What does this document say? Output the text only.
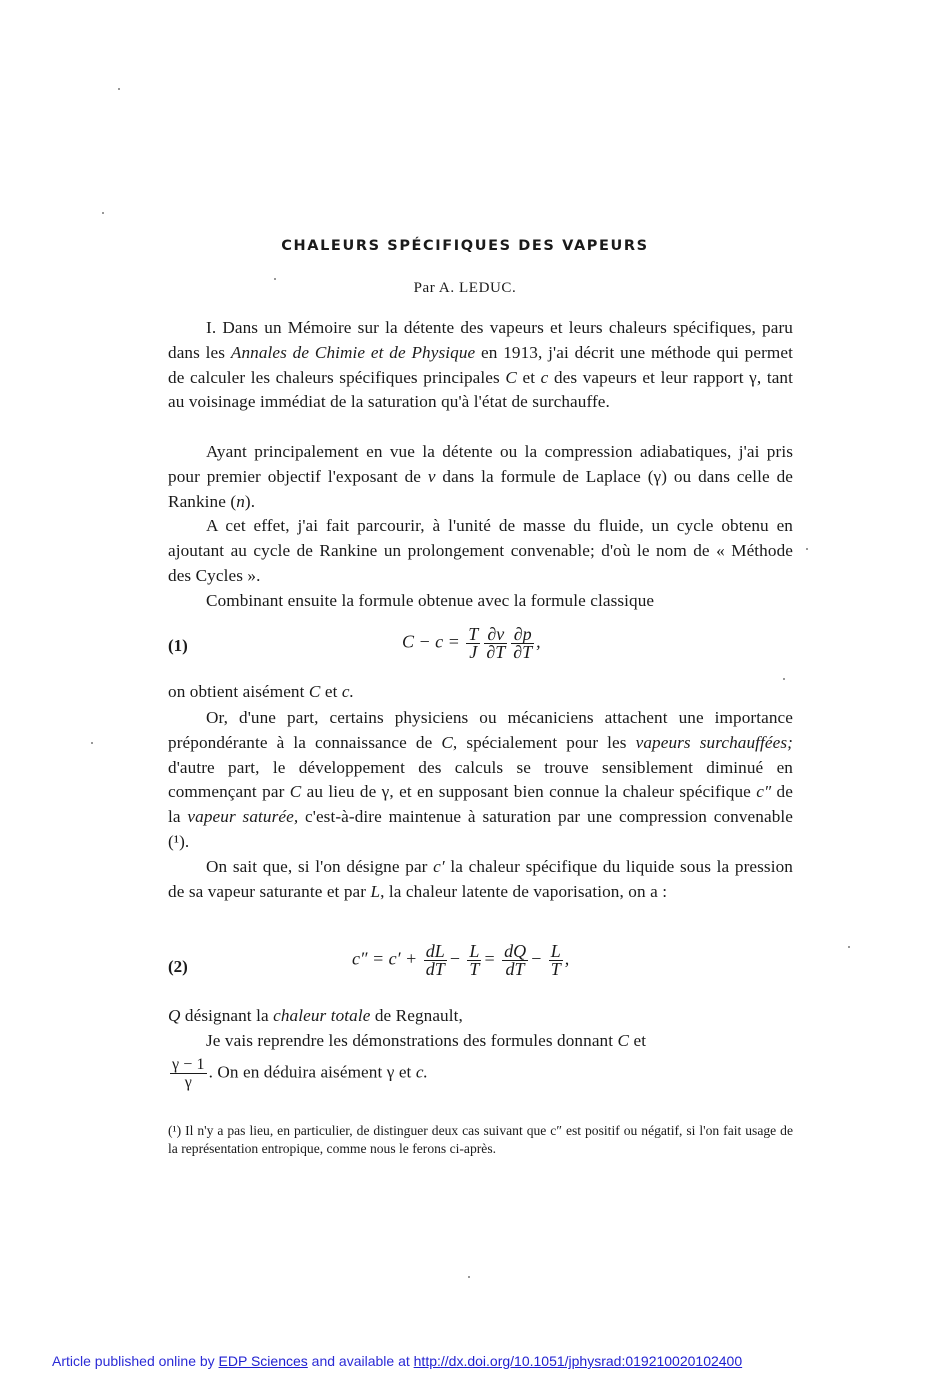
CHALEURS SPÉCIFIQUES DES VAPEURS
Par A. LEDUC.
I. Dans un Mémoire sur la détente des vapeurs et leurs chaleurs spécifiques, paru dans les Annales de Chimie et de Physique en 1913, j'ai décrit une méthode qui permet de calculer les chaleurs spécifiques principales C et c des vapeurs et leur rapport γ, tant au voisinage immédiat de la saturation qu'à l'état de surchauffe.
Ayant principalement en vue la détente ou la compression adiabatiques, j'ai pris pour premier objectif l'exposant de v dans la formule de Laplace (γ) ou dans celle de Rankine (n).
A cet effet, j'ai fait parcourir, à l'unité de masse du fluide, un cycle obtenu en ajoutant au cycle de Rankine un prolongement convenable; d'où le nom de « Méthode des Cycles ».
Combinant ensuite la formule obtenue avec la formule classique
(1)	$C - c = \frac{T}{J} \frac{\partial v}{\partial T} \frac{\partial p}{\partial T}$ ,
on obtient aisément C et c.
Or, d'une part, certains physiciens ou mécaniciens attachent une importance prépondérante à la connaissance de C, spécialement pour les vapeurs surchauffées; d'autre part, le développement des calculs se trouve sensiblement diminué en commençant par C au lieu de γ, et en supposant bien connue la chaleur spécifique c″ de la vapeur saturée, c'est-à-dire maintenue à saturation par une compression convenable (¹).
On sait que, si l'on désigne par c′ la chaleur spécifique du liquide sous la pression de sa vapeur saturante et par L, la chaleur latente de vaporisation, on a :
(2)	$c'' = c' + \frac{dL}{dT} - \frac{L}{T} = \frac{dQ}{dT} - \frac{L}{T}$ ,
Q désignant la chaleur totale de Regnault,
Je vais reprendre les démonstrations des formules donnant C et
$\frac{\gamma - 1}{\gamma}$ . On en déduira aisément γ et c.
(¹) Il n'y a pas lieu, en particulier, de distinguer deux cas suivant que c″ est positif ou négatif, si l'on fait usage de la représentation entropique, comme nous le ferons ci-après.
Article published online by EDP Sciences and available at http://dx.doi.org/10.1051/jphysrad:019210020102400
